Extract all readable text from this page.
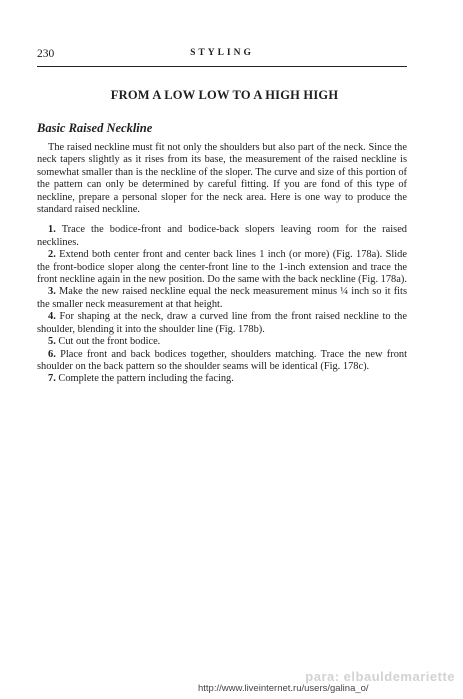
230	STYLING
FROM A LOW LOW TO A HIGH HIGH
Basic Raised Neckline

The raised neckline must fit not only the shoulders but also part of the neck. Since the neck tapers slightly as it rises from its base, the measurement of the raised neckline is somewhat smaller than is the neckline of the sloper. The curve and size of this portion of the pattern can only be determined by careful fitting. If you are fond of this type of neckline, prepare a personal sloper for the neck area. Here is one way to produce the standard raised neckline.

1. Trace the bodice-front and bodice-back slopers leaving room for the raised necklines.

2. Extend both center front and center back lines 1 inch (or more) (Fig. 178a). Slide the front-bodice sloper along the center-front line to the 1-inch extension and trace the front neckline again in the new position. Do the same with the back neckline (Fig. 178a).

3. Make the new raised neckline equal the neck measurement minus ¼ inch so it fits the smaller neck measurement at that height.

4. For shaping at the neck, draw a curved line from the front raised neckline to the shoulder, blending it into the shoulder line (Fig. 178b).

5. Cut out the front bodice.

6. Place front and back bodices together, shoulders matching. Trace the new front shoulder on the back pattern so the shoulder seams will be identical (Fig. 178c).

7. Complete the pattern including the facing.

para: elbauldemariette
http://www.liveinternet.ru/users/galina_o/
